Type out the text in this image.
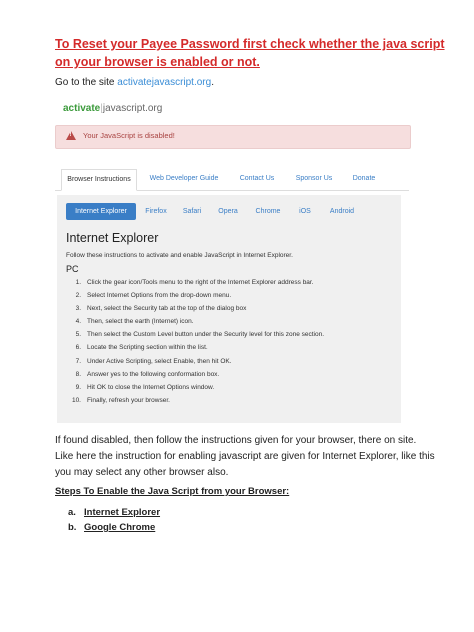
To Reset your Payee Password first check whether the java script on your browser is enabled or not.
Go to the site activatejavascript.org.
activate|javascript.org
!
Your JavaScript is disabled!
Browser Instructions	Web Developer Guide	Contact Us	Sponsor Us	Donate
Internet Explorer	Firefox	Safari	Opera	Chrome	iOS	Android
Internet Explorer
Follow these instructions to activate and enable JavaScript in Internet Explorer.
PC
1. Click the gear icon/Tools menu to the right of the Internet Explorer address bar.
2. Select Internet Options from the drop-down menu.
3. Next, select the Security tab at the top of the dialog box
4. Then, select the earth (Internet) icon.
5. Then select the Custom Level button under the Security level for this zone section.
6. Locate the Scripting section within the list.
7. Under Active Scripting, select Enable, then hit OK.
8. Answer yes to the following conformation box.
9. Hit OK to close the Internet Options window.
10. Finally, refresh your browser.
If found disabled, then follow the instructions given for your browser, there on site. Like here the instruction for enabling javascript are given for Internet Explorer, like this you may select any other browser also.
Steps To Enable the Java Script from your Browser:
a. Internet Explorer
b. Google Chrome
